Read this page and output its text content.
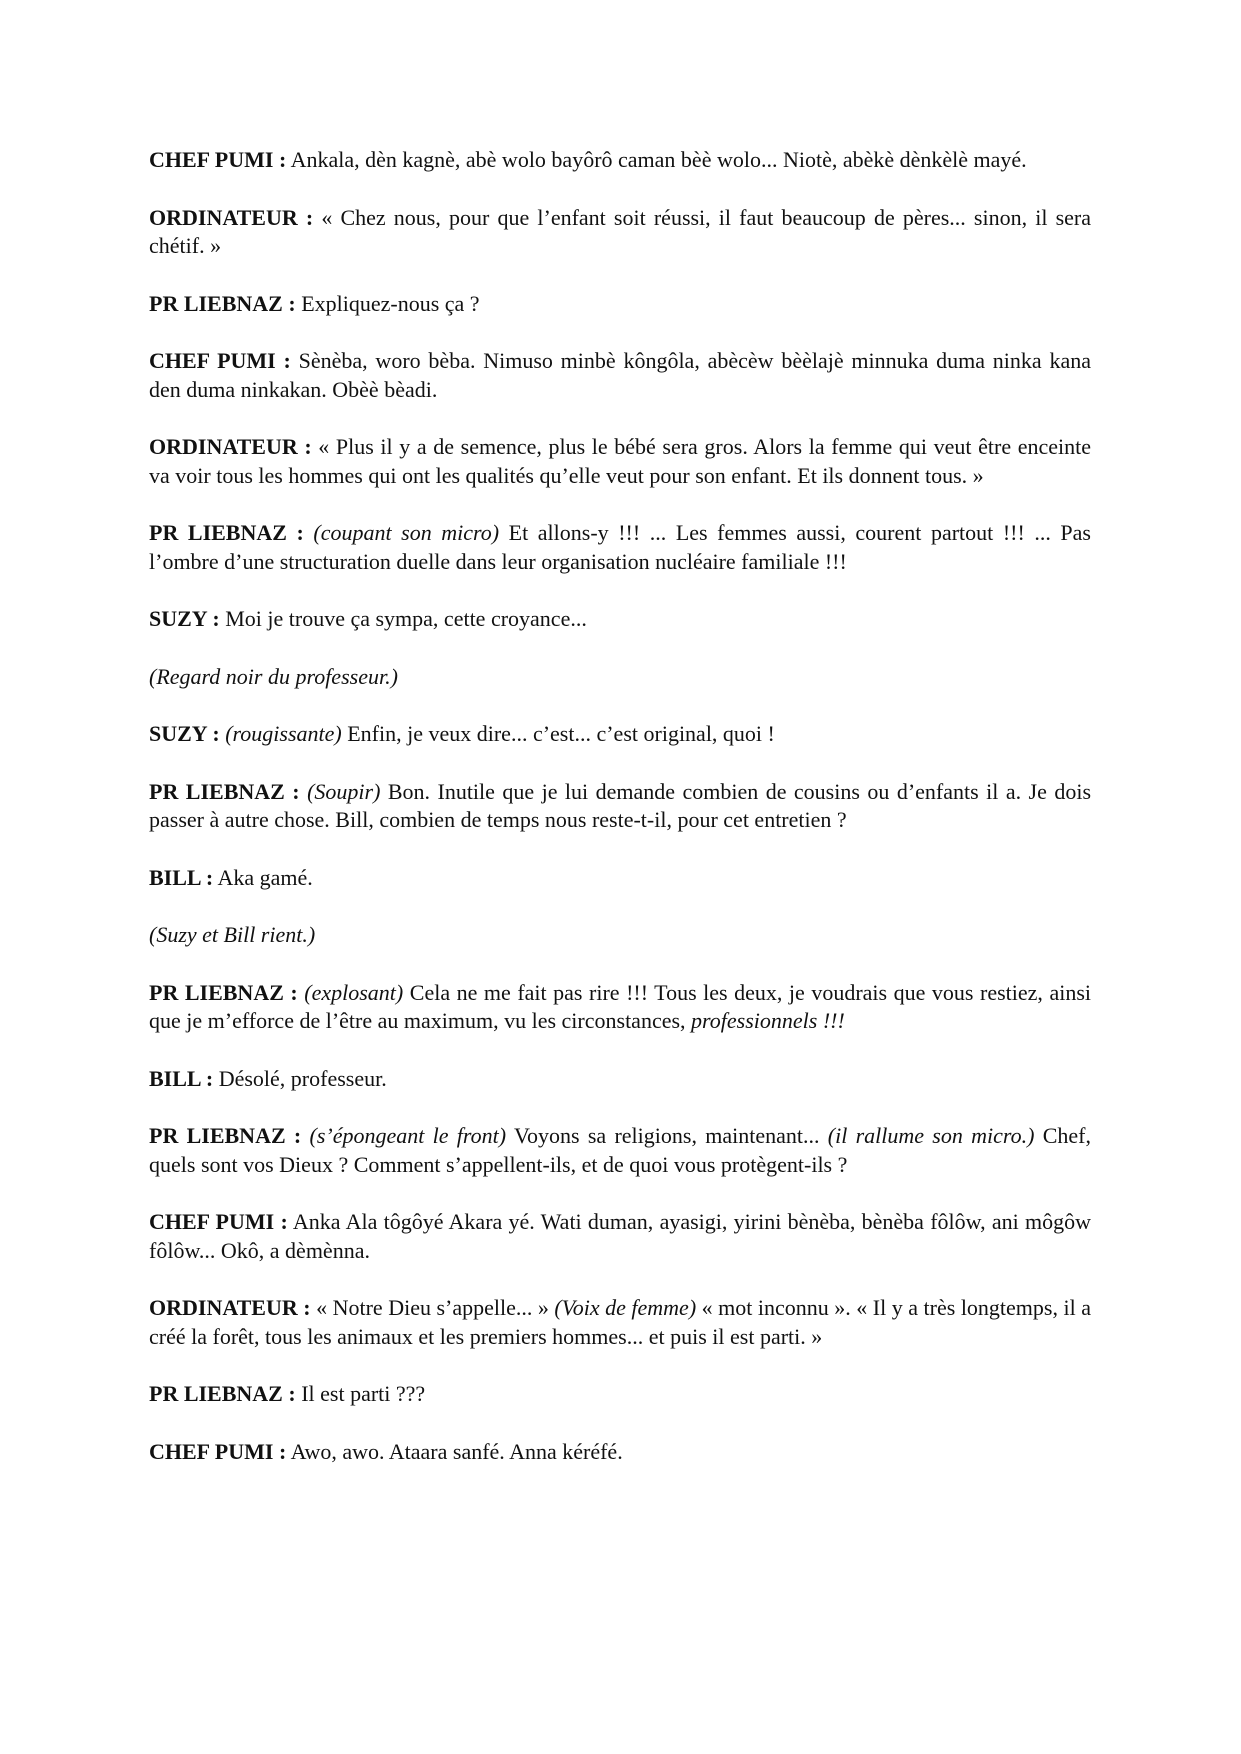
CHEF PUMI : Ankala, dèn kagnè, abè wolo bayôrô caman bèè wolo... Niotè, abèkè dènkèlè mayé.

ORDINATEUR : « Chez nous, pour que l’enfant soit réussi, il faut beaucoup de pères... sinon, il sera chétif. »

PR LIEBNAZ : Expliquez-nous ça ?

CHEF PUMI : Sènèba, woro bèba. Nimuso minbè kôngôla, abècèw bèèlajè minnuka duma ninka kana den duma ninkakan. Obèè bèadi.

ORDINATEUR : « Plus il y a de semence, plus le bébé sera gros. Alors la femme qui veut être enceinte va voir tous les hommes qui ont les qualités qu’elle veut pour son enfant. Et ils donnent tous. »

PR LIEBNAZ : (coupant son micro) Et allons-y !!! ... Les femmes aussi, courent partout !!! ... Pas l’ombre d’une structuration duelle dans leur organisation nucléaire familiale !!!

SUZY : Moi je trouve ça sympa, cette croyance...

(Regard noir du professeur.)

SUZY : (rougissante) Enfin, je veux dire... c’est... c’est original, quoi !

PR LIEBNAZ : (Soupir) Bon. Inutile que je lui demande combien de cousins ou d’enfants il a. Je dois passer à autre chose. Bill, combien de temps nous reste-t-il, pour cet entretien ?

BILL : Aka gamé.

(Suzy et Bill rient.)

PR LIEBNAZ : (explosant) Cela ne me fait pas rire !!! Tous les deux, je voudrais que vous restiez, ainsi que je m’efforce de l’être au maximum, vu les circonstances, professionnels !!!

BILL : Désolé, professeur.

PR LIEBNAZ : (s’épongeant le front) Voyons sa religions, maintenant... (il rallume son micro.) Chef, quels sont vos Dieux ? Comment s’appellent-ils, et de quoi vous protègent-ils ?

CHEF PUMI : Anka Ala tôgôyé Akara yé. Wati duman, ayasigi, yirini bènèba, bènèba fôlôw, ani môgôw fôlôw... Okô, a dèmènna.

ORDINATEUR : « Notre Dieu s’appelle... » (Voix de femme) « mot inconnu ». « Il y a très longtemps, il a créé la forêt, tous les animaux et les premiers hommes... et puis il est parti. »

PR LIEBNAZ : Il est parti ???

CHEF PUMI : Awo, awo. Ataara sanfé. Anna kéréfé.
